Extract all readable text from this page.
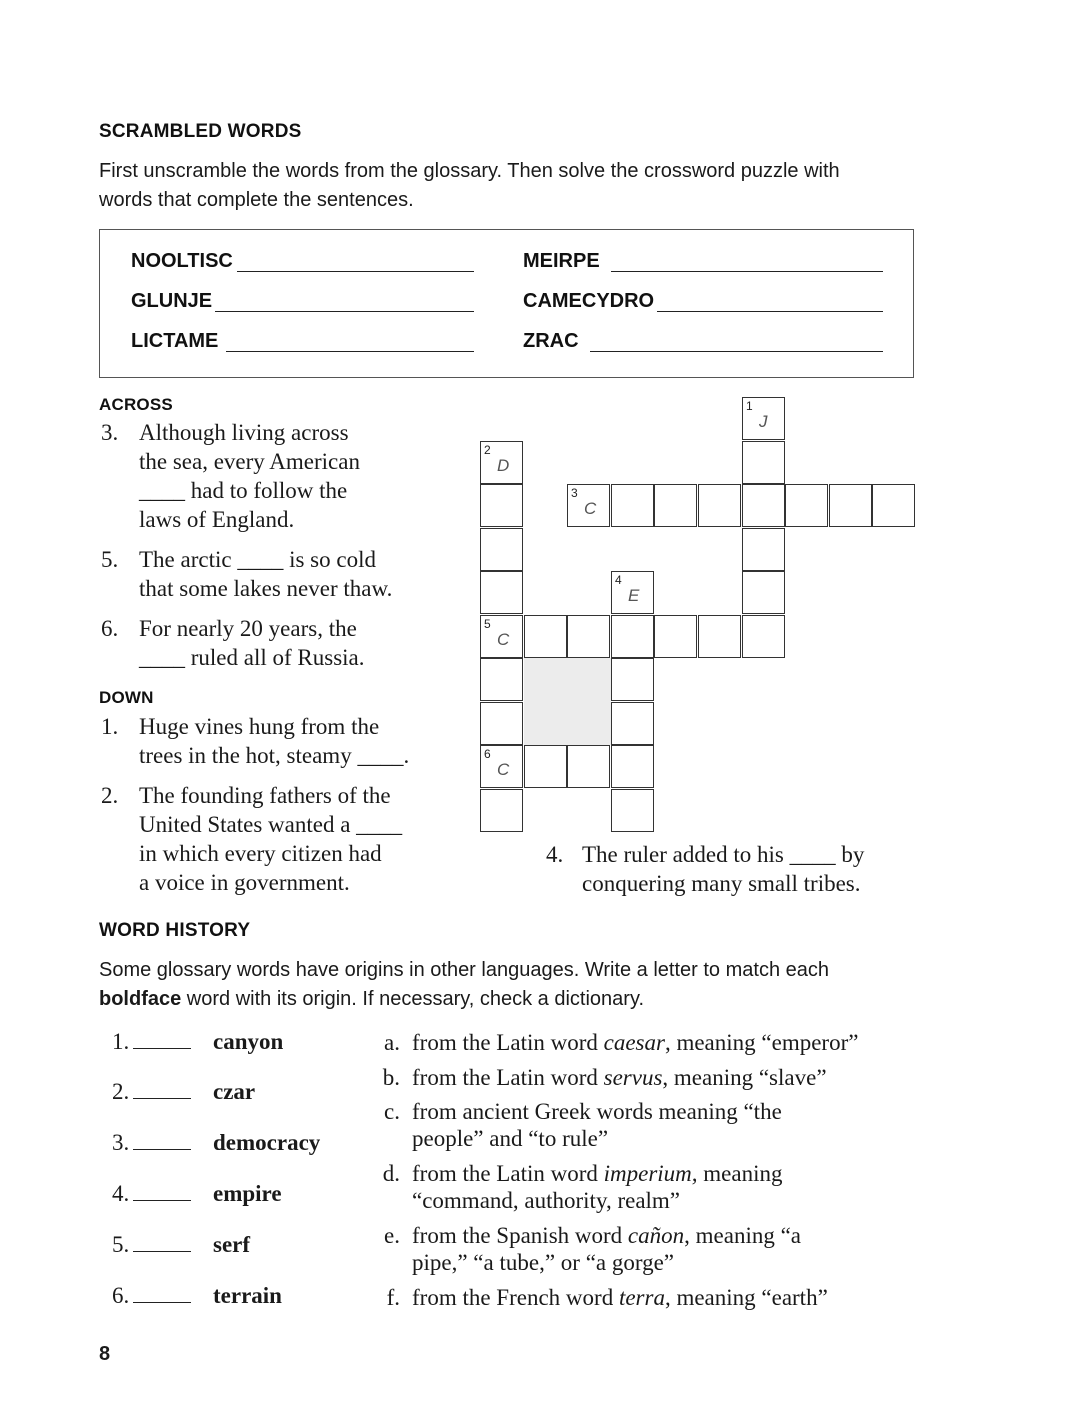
SCRAMBLED WORDS
First unscramble the words from the glossary. Then solve the crossword puzzle with
words that complete the sentences.
NOOLTISC
GLUNJE
LICTAME
MEIRPE
CAMECYDRO
ZRAC
ACROSS
3. Although living across
the sea, every American
____ had to follow the
laws of England.
5. The arctic ____ is so cold
that some lakes never thaw.
6. For nearly 20 years, the
____ ruled all of Russia.
DOWN
1. Huge vines hung from the
trees in the hot, steamy ____.
2. The founding fathers of the
United States wanted a ____
in which every citizen had
a voice in government.
4. The ruler added to his ____ by
conquering many small tribes.
1
J
3
C
2
D
5
C
6
C
4
E
WORD HISTORY
Some glossary words have origins in other languages. Write a letter to match each
boldface word with its origin. If necessary, check a dictionary.
1.	canyon
2.	czar
3.	democracy
4.	empire
5.	serf
6.	terrain
a. from the Latin word caesar, meaning “emperor”
b. from the Latin word servus, meaning “slave”
c. from ancient Greek words meaning “the
people” and “to rule”
d. from the Latin word imperium, meaning
“command, authority, realm”
e. from the Spanish word cañon, meaning “a
pipe,” “a tube,” or “a gorge”
f. from the French word terra, meaning “earth”
8
